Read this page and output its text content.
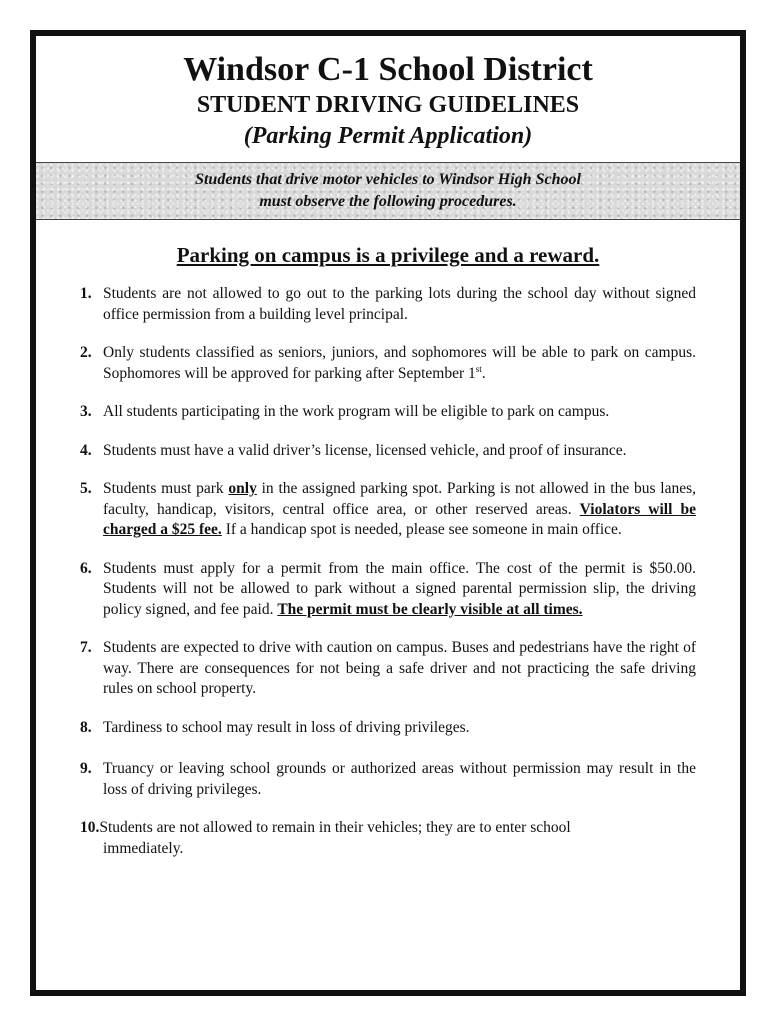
Windsor C-1 School District

STUDENT DRIVING GUIDELINES

(Parking Permit Application)

Students that drive motor vehicles to Windsor High School
must observe the following procedures.
Parking on campus is a privilege and a reward.
1. Students are not allowed to go out to the parking lots during the school day without signed office permission from a building level principal.
2. Only students classified as seniors, juniors, and sophomores will be able to park on campus. Sophomores will be approved for parking after September 1st.
3. All students participating in the work program will be eligible to park on campus.
4. Students must have a valid driver’s license, licensed vehicle, and proof of insurance.
5. Students must park only in the assigned parking spot. Parking is not allowed in the bus lanes, faculty, handicap, visitors, central office area, or other reserved areas. Violators will be charged a $25 fee. If a handicap spot is needed, please see someone in main office.
6. Students must apply for a permit from the main office. The cost of the permit is $50.00. Students will not be allowed to park without a signed parental permission slip, the driving policy signed, and fee paid. The permit must be clearly visible at all times.
7. Students are expected to drive with caution on campus. Buses and pedestrians have the right of way. There are consequences for not being a safe driver and not practicing the safe driving rules on school property.
8. Tardiness to school may result in loss of driving privileges.
9. Truancy or leaving school grounds or authorized areas without permission may result in the loss of driving privileges.
10.Students are not allowed to remain in their vehicles; they are to enter school
immediately.
